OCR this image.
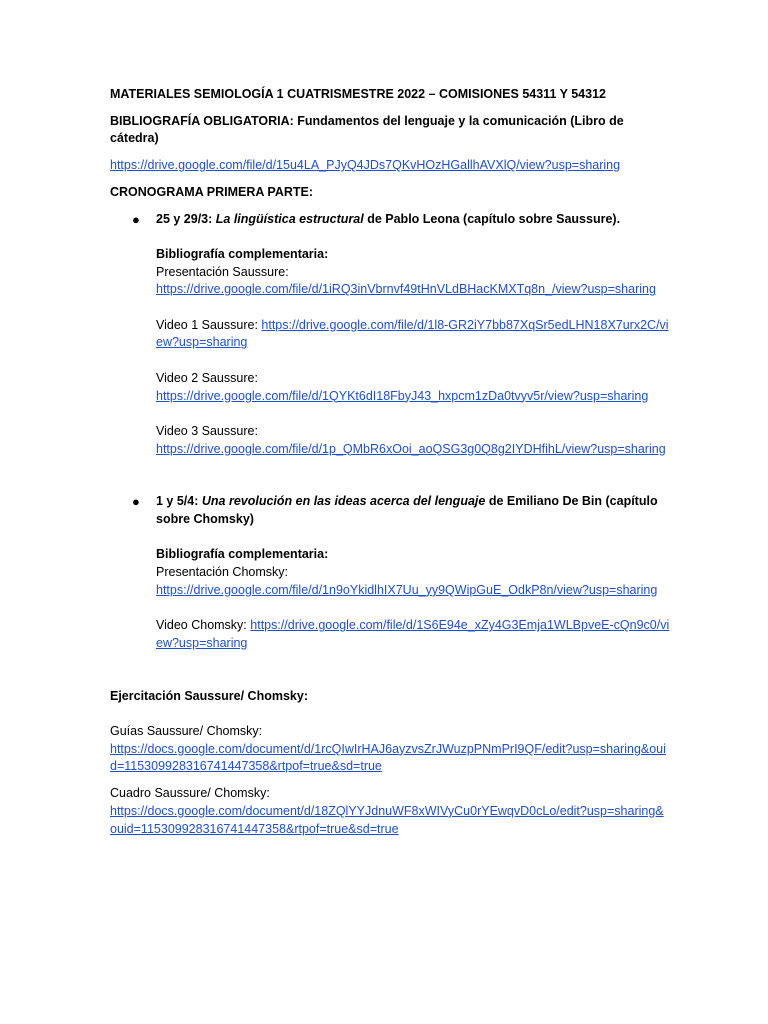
MATERIALES SEMIOLOGÍA 1 CUATRISMESTRE 2022 – COMISIONES 54311 Y 54312

BIBLIOGRAFÍA OBLIGATORIA: Fundamentos del lenguaje y la comunicación (Libro de cátedra)

https://drive.google.com/file/d/15u4LA_PJyQ4JDs7QKvHOzHGallhAVXlQ/view?usp=sharing

CRONOGRAMA PRIMERA PARTE:

● 25 y 29/3: La lingüística estructural de Pablo Leona (capítulo sobre Saussure).

Bibliografía complementaria:

Presentación Saussure:

https://drive.google.com/file/d/1iRQ3inVbrnvf49tHnVLdBHacKMXTq8n_/view?usp=sharing

Video 1 Saussure: https://drive.google.com/file/d/1l8-GR2iY7bb87XqSr5edLHN18X7urx2C/view?usp=sharing

Video 2 Saussure:

https://drive.google.com/file/d/1QYKt6dI18FbyJ43_hxpcm1zDa0tvyv5r/view?usp=sharing

Video 3 Saussure:

https://drive.google.com/file/d/1p_QMbR6xOoi_aoQSG3g0Q8g2IYDHfihL/view?usp=sharing

● 1 y 5/4: Una revolución en las ideas acerca del lenguaje de Emiliano De Bin (capítulo sobre Chomsky)

Bibliografía complementaria:

Presentación Chomsky:

https://drive.google.com/file/d/1n9oYkidlhIX7Uu_yy9QWipGuE_OdkP8n/view?usp=sharing

Video Chomsky: https://drive.google.com/file/d/1S6E94e_xZy4G3Emja1WLBpveE-cQn9c0/view?usp=sharing

Ejercitación Saussure/ Chomsky:

Guías Saussure/ Chomsky:

https://docs.google.com/document/d/1rcQIwIrHAJ6ayzvsZrJWuzpPNmPrI9QF/edit?usp=sharing&ouid=115309928316741447358&rtpof=true&sd=true

Cuadro Saussure/ Chomsky:

https://docs.google.com/document/d/18ZQlYYJdnuWF8xWIVyCu0rYEwqvD0cLo/edit?usp=sharing&ouid=115309928316741447358&rtpof=true&sd=true
